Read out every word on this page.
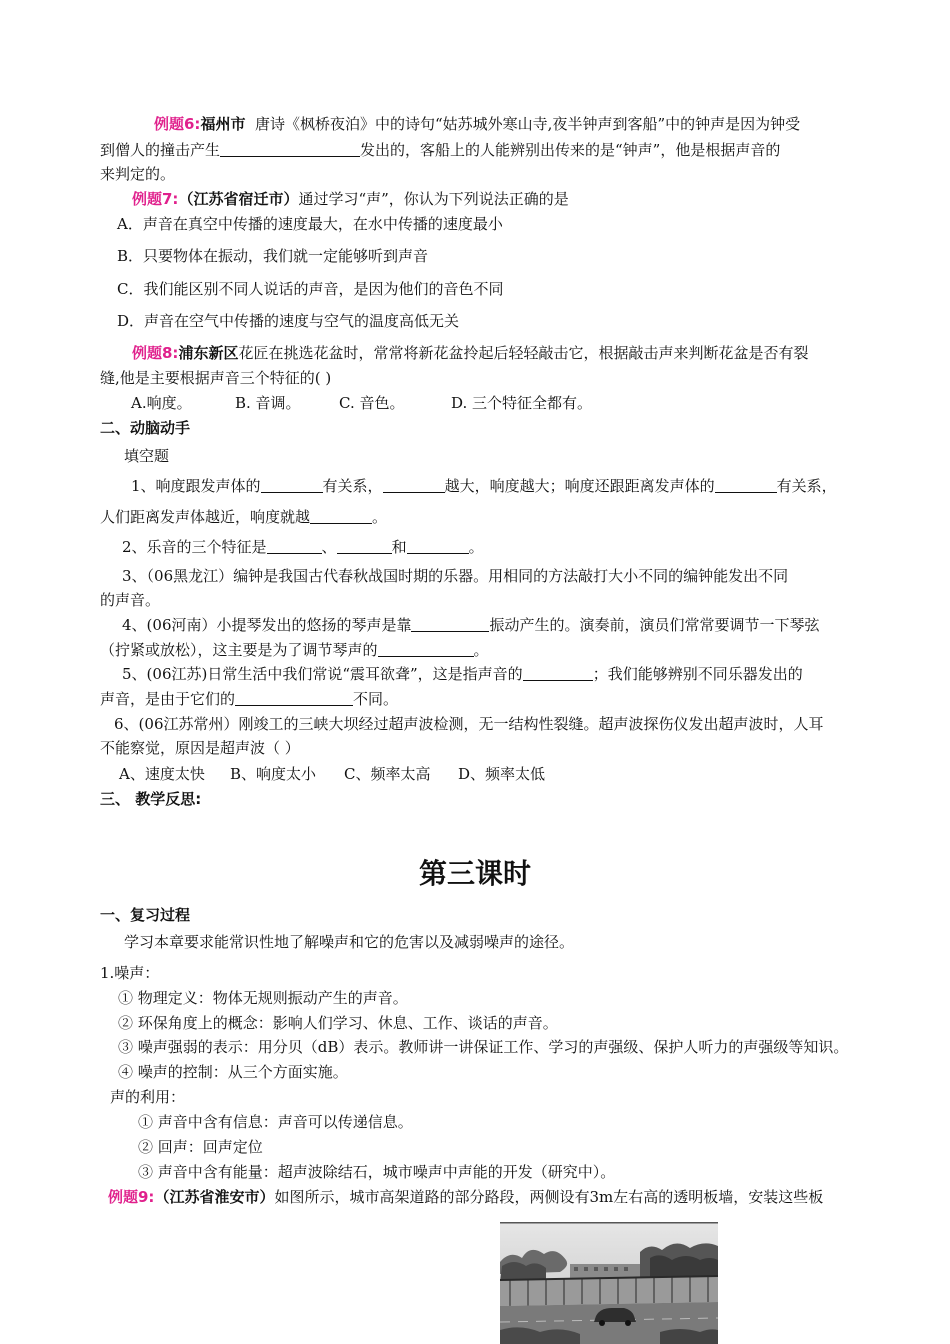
例题6:福州市 唐诗《枫桥夜泊》中的诗句“姑苏城外寒山寺,夜半钟声到客船”中的钟声是因为钟受
到僧人的撞击产生	发出的，客船上的人能辨别出传来的是“钟声”，他是根据声音的
来判定的。
例题7:（江苏省宿迁市）通过学习“声”，你认为下列说法正确的是
A．声音在真空中传播的速度最大，在水中传播的速度最小
B．只要物体在振动，我们就一定能够听到声音
C．我们能区别不同人说话的声音，是因为他们的音色不同
D．声音在空气中传播的速度与空气的温度高低无关
例题8:浦东新区花匠在挑选花盆时，常常将新花盆拎起后轻轻敲击它，根据敲击声来判断花盆是否有裂
缝,他是主要根据声音三个特征的( )
A.响度。	B. 音调。	C. 音色。	D. 三个特征全都有。
二、动脑动手
填空题
1、响度跟发声体的	有关系，	越大，响度越大；响度还跟距离发声体的	有关系，
人们距离发声体越近，响度就越	。
2、乐音的三个特征是	、	和	。
3、（06黑龙江）编钟是我国古代春秋战国时期的乐器。用相同的方法敲打大小不同的编钟能发出不同
的声音。
4、(06河南）小提琴发出的悠扬的琴声是靠	振动产生的。演奏前，演员们常常要调节一下琴弦
（拧紧或放松），这主要是为了调节琴声的	。
5、(06江苏)日常生活中我们常说“震耳欲聋”，这是指声音的	；我们能够辨别不同乐器发出的
声音，是由于它们的	不同。
6、(06江苏常州）刚竣工的三峡大坝经过超声波检测，无一结构性裂缝。超声波探伤仪发出超声波时，人耳
不能察觉，原因是超声波（ ）
A、速度太快 B、响度太小 C、频率太高 D、频率太低
三、 教学反思:
第三课时
一、复习过程
学习本章要求能常识性地了解噪声和它的危害以及减弱噪声的途径。
1.噪声：
① 物理定义：物体无规则振动产生的声音。
② 环保角度上的概念：影响人们学习、休息、工作、谈话的声音。
③ 噪声强弱的表示：用分贝（dB）表示。教师讲一讲保证工作、学习的声强级、保护人听力的声强级等知识。
④ 噪声的控制：从三个方面实施。
声的利用：
① 声音中含有信息：声音可以传递信息。
② 回声：回声定位
③ 声音中含有能量：超声波除结石，城市噪声中声能的开发（研究中）。
例题9:（江苏省淮安市）如图所示，城市高架道路的部分路段，两侧设有3m左右高的透明板墙，安装这些板
